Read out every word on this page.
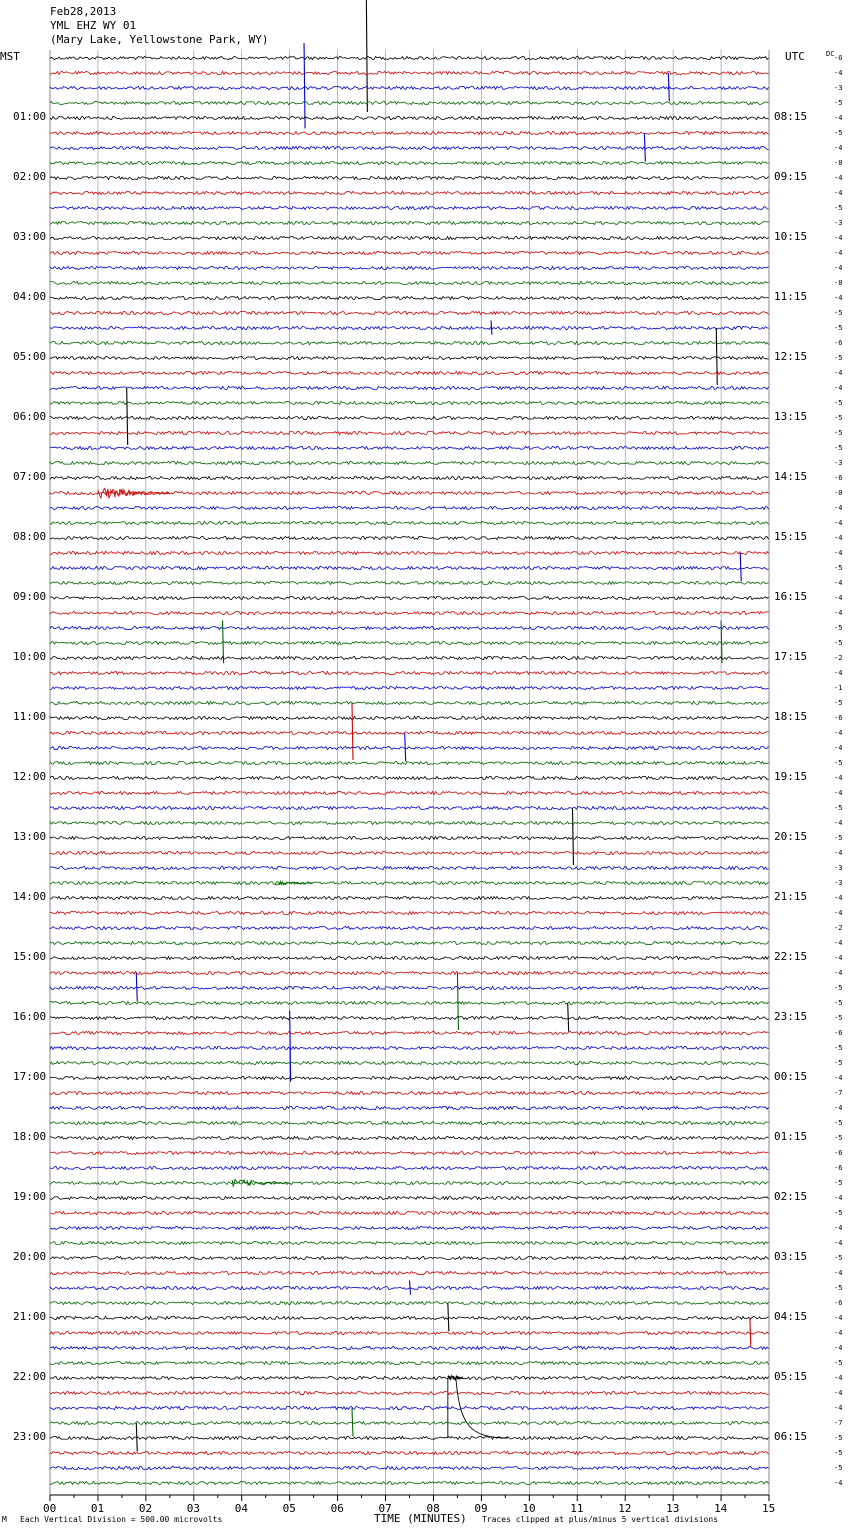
Feb28,2013
YML EHZ WY 01
(Mary Lake, Yellowstone Park, WY)
MST	UTC	DC
01:00	08:15
02:00	09:15
03:00	10:15
04:00	11:15
05:00	12:15
06:00	13:15
07:00	14:15
08:00	15:15
09:00	16:15
10:00	17:15
11:00	18:15
12:00	19:15
13:00	20:15
14:00	21:15
15:00	22:15
16:00	23:15
17:00	00:15
18:00	01:15
19:00	02:15
20:00	03:15
21:00	04:15
22:00	05:15
23:00	06:15
-6
-4
-3
-5
-4
-5
-4
-8
-4
-4
-5
-3
-4
-4
-4
-8
-4
-5
-5
-6
-5
-4
-4
-5
-5
-5
-5
-3
-6
-0
-4
-4
-4
-4
-5
-4
-4
-4
-5
-5
-2
-4
-1
-5
-6
-4
-4
-5
-4
-4
-5
-4
-5
-4
-3
-3
-4
-4
-2
-4
-4
-4
-5
-5
-5
-6
-5
-5
-4
-7
-4
-5
-5
-6
-6
-5
-4
-5
-4
-4
-5
-4
-5
-6
-4
-4
-4
-5
-4
-4
-4
-7
-5
-5
-5
-4
00	01	02	03	04	05	06	07	08	09	10	11	12	13	14	15
M Each Vertical Division = 500.00 microvolts	TIME (MINUTES) Traces clipped at plus/minus 5 vertical divisions
